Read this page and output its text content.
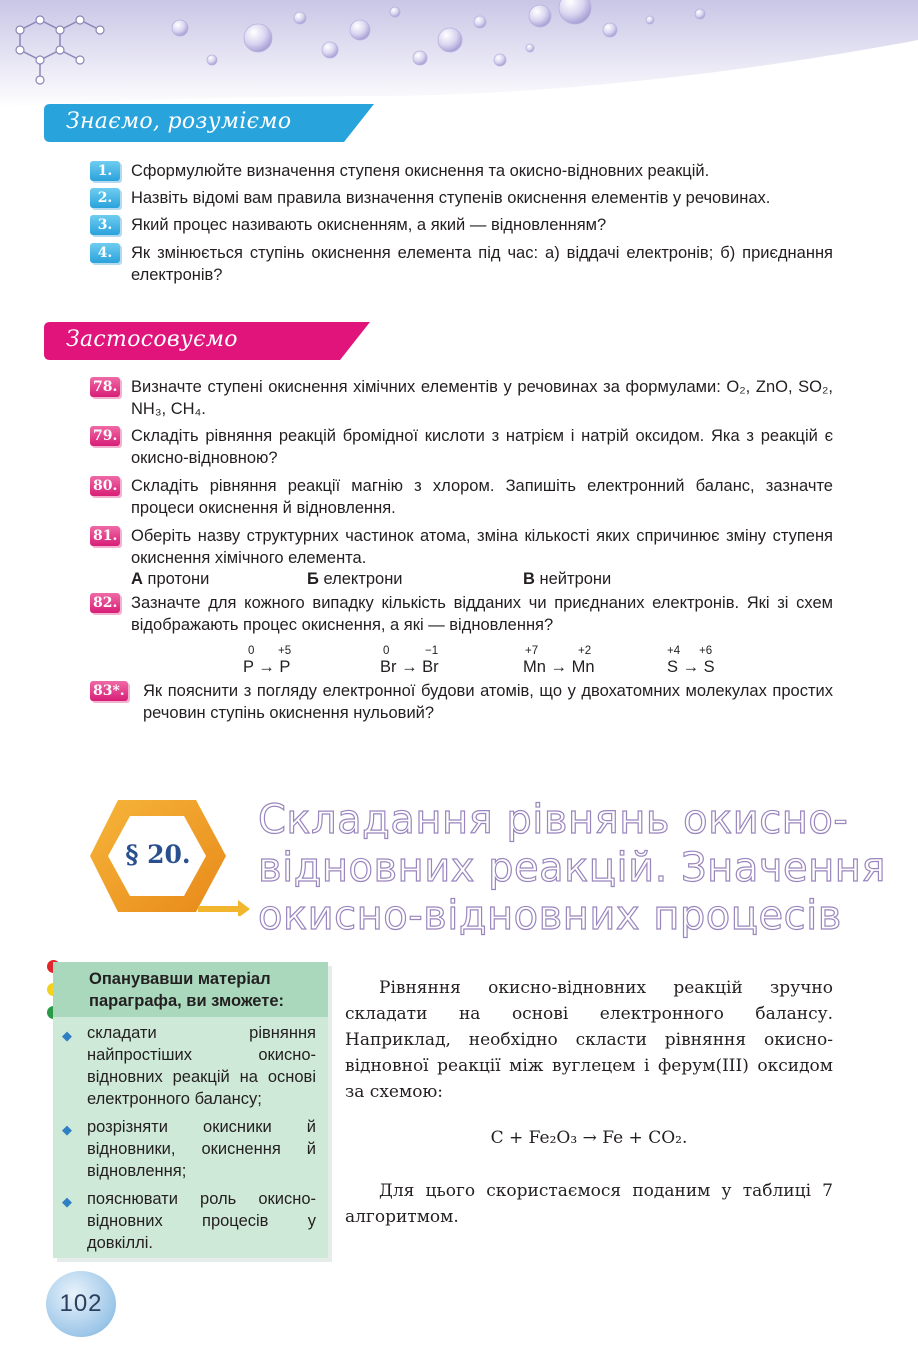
Знаємо, розуміємо
1.	Сформулюйте визначення ступеня окиснення та окисно-відновних реакцій.
2.	Назвіть відомі вам правила визначення ступенів окиснення елементів у речовинах.
3.	Який процес називають окисненням, а який — відновленням?
4.	Як змінюється ступінь окиснення елемента під час: а) віддачі електронів; б) приєднання електронів?
Застосовуємо
78. Визначте ступені окиснення хімічних елементів у речовинах за формулами: O₂, ZnO, SO₂, NH₃, CH₄.
79. Складіть рівняння реакцій бромідної кислоти з натрієм і натрій оксидом. Яка з реакцій є окисно-відновною?
80. Складіть рівняння реакції магнію з хлором. Запишіть електронний баланс, зазначте процеси окиснення й відновлення.
81. Оберіть назву структурних частинок атома, зміна кількості яких спричинює зміну ступеня окиснення хімічного елемента.
А протони	Б електрони	В нейтрони
82. Зазначте для кожного випадку кількість відданих чи приєднаних електронів. Які зі схем відображають процес окиснення, а які — відновлення?
0 +5
P → P
0	−1
Br → Br
+7	+2
Mn → Mn
+4 +6
S → S
83*. Як пояснити з погляду електронної будови атомів, що у двохатомних молекулах простих речовин ступінь окиснення нульовий?
§ 20.
Складання рівнянь окисно-відновних реакцій. Значення окисно-відновних процесів
Опанувавши матеріал параграфа, ви зможете:
◆ складати рівняння найпростіших окисно-відновних реакцій на основі електронного балансу;
◆ розрізняти окисники й відновники, окиснення й відновлення;
◆ пояснювати роль окисно-відновних процесів у довкіллі.
Рівняння окисно-відновних реакцій зручно складати на основі електронного балансу. Наприклад, необхідно скласти рівняння окисно-відновної реакції між вуглецем і ферум(III) оксидом за схемою:
C + Fe₂O₃ → Fe + CO₂.
Для цього скористаємося поданим у таблиці 7 алгоритмом.
102
